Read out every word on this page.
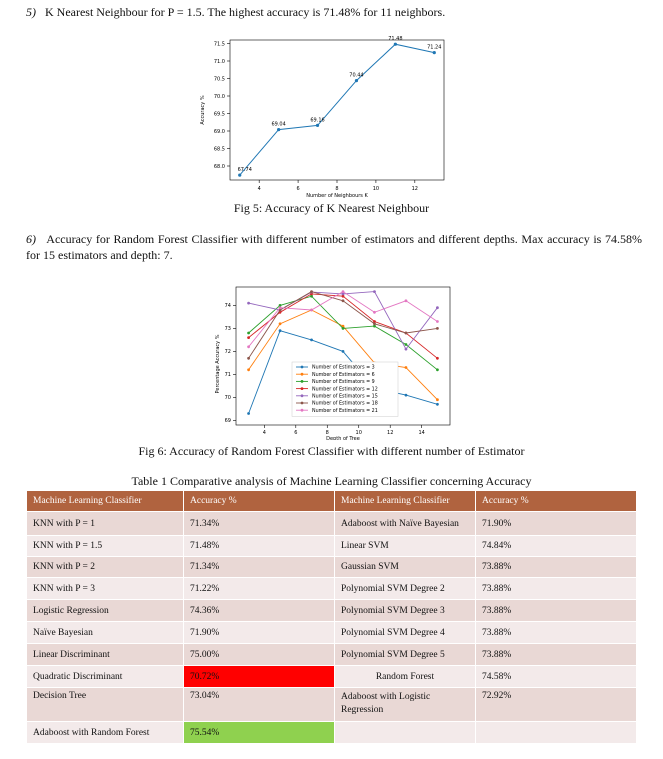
5) K Nearest Neighbour for P = 1.5. The highest accuracy is 71.48% for 11 neighbors.
4	6	8	10	12
68.0
68.5
69.0
69.5
70.0
70.5
71.0
71.5
Number of Neighbours K
Accuracy %
67.74
69.04
69.16
70.44
71.48
71.24
Fig 5: Accuracy of K Nearest Neighbour
6) Accuracy for Random Forest Classifier with different number of estimators and different depths. Max accuracy is 74.58% for 15 estimators and depth: 7.
4	6	8	10	12	14
69
70
71
72
73
74
Depth of Tree
Percentage Accuracy %	Number of Estimators = 3
Number of Estimators = 6
Number of Estimators = 9
Number of Estimators = 12
Number of Estimators = 15
Number of Estimators = 18
Number of Estimators = 21
Fig 6: Accuracy of Random Forest Classifier with different number of Estimator
Table 1 Comparative analysis of Machine Learning Classifier concerning Accuracy
Machine Learning Classifier	Accuracy %	Machine Learning Classifier	Accuracy %
KNN with P = 1	71.34%	Adaboost with Naïve Bayesian	71.90%
KNN with P = 1.5	71.48%	Linear SVM	74.84%
KNN with P = 2	71.34%	Gaussian SVM	73.88%
KNN with P = 3	71.22%	Polynomial SVM Degree 2	73.88%
Logistic Regression	74.36%	Polynomial SVM Degree 3	73.88%
Naïve Bayesian	71.90%	Polynomial SVM Degree 4	73.88%
Linear Discriminant	75.00%	Polynomial SVM Degree 5	73.88%
Quadratic Discriminant	70.72%	Random Forest	74.58%
Decision Tree	73.04%	Adaboost with Logistic Regression	72.92%
Adaboost with Random Forest	75.54%		
